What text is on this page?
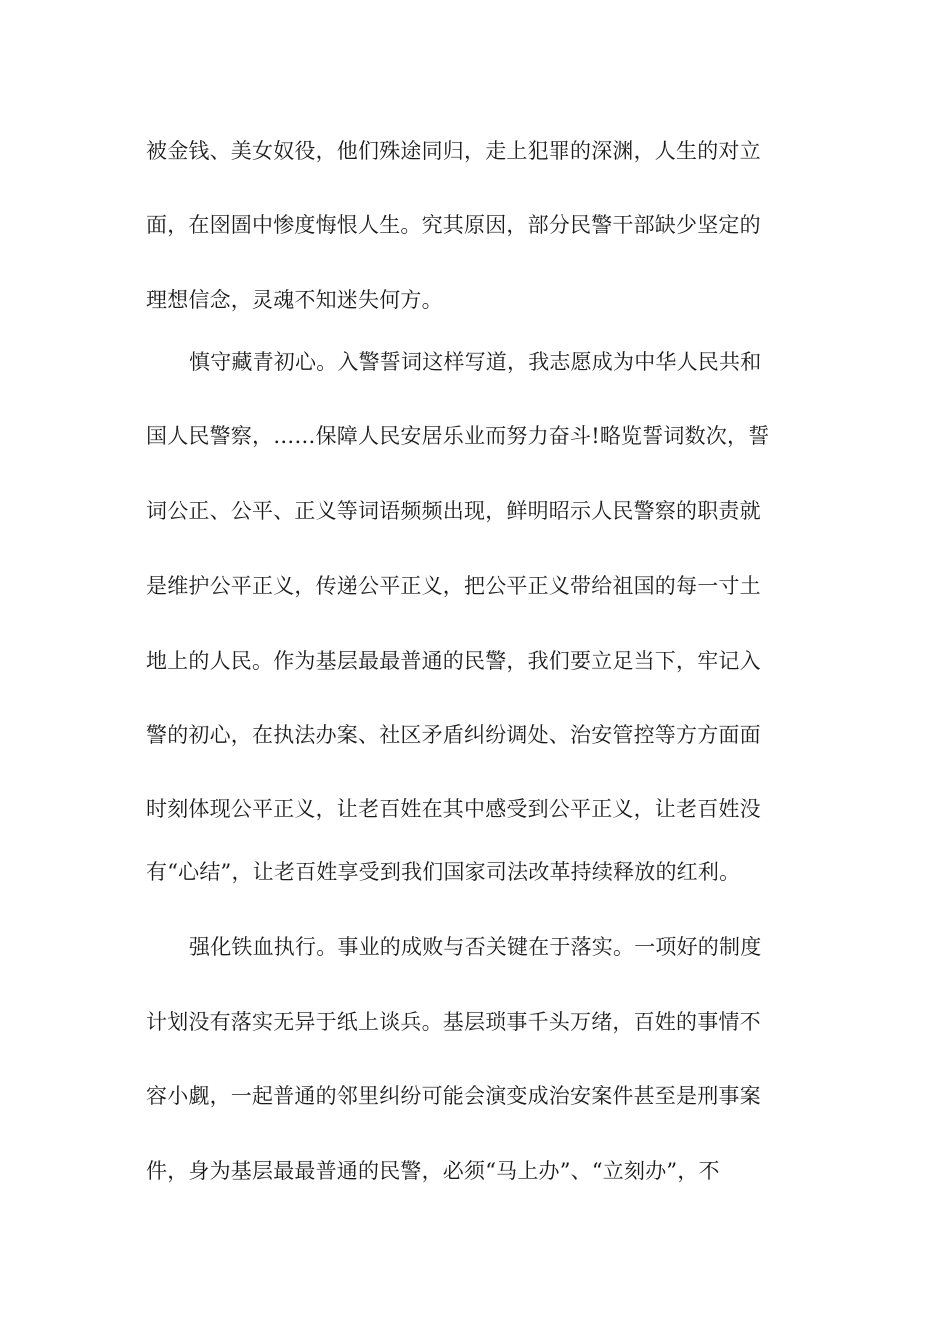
被金钱、美女奴役，他们殊途同归，走上犯罪的深渊，人生的对立
面，在囹圄中惨度悔恨人生。究其原因，部分民警干部缺少坚定的
理想信念，灵魂不知迷失何方。
慎守藏青初心。入警誓词这样写道，我志愿成为中华人民共和
国人民警察，……保障人民安居乐业而努力奋斗!略览誓词数次，誓
词公正、公平、正义等词语频频出现，鲜明昭示人民警察的职责就
是维护公平正义，传递公平正义，把公平正义带给祖国的每一寸土
地上的人民。作为基层最最普通的民警，我们要立足当下，牢记入
警的初心，在执法办案、社区矛盾纠纷调处、治安管控等方方面面
时刻体现公平正义，让老百姓在其中感受到公平正义，让老百姓没
有“心结”，让老百姓享受到我们国家司法改革持续释放的红利。
强化铁血执行。事业的成败与否关键在于落实。一项好的制度
计划没有落实无异于纸上谈兵。基层琐事千头万绪，百姓的事情不
容小觑，一起普通的邻里纠纷可能会演变成治安案件甚至是刑事案
件，身为基层最最普通的民警，必须“马上办”、“立刻办”，不
